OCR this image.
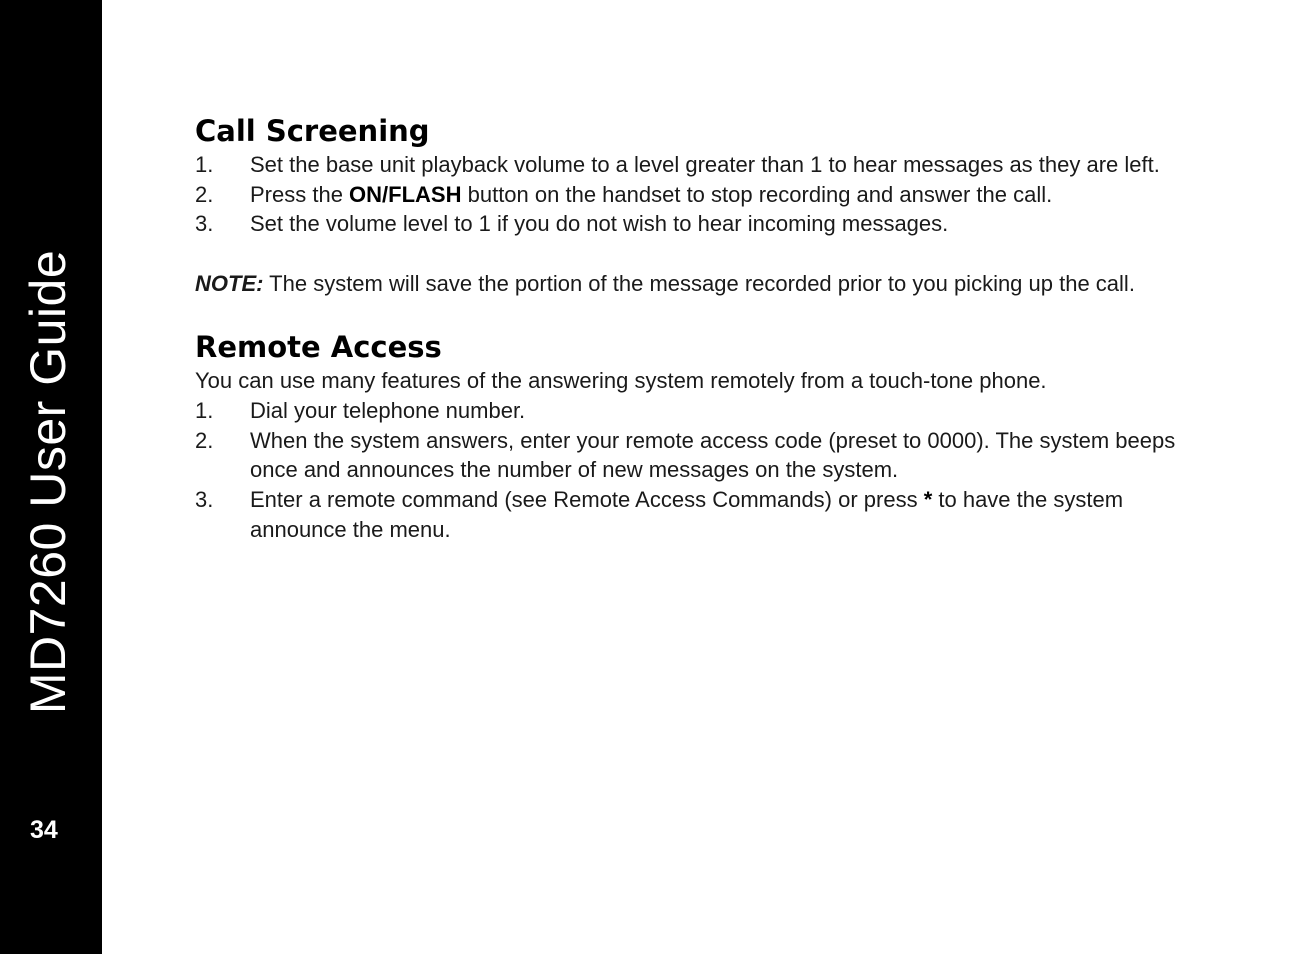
MD7260 User Guide
34
Call Screening
1.	Set the base unit playback volume to a level greater than 1 to hear messages as they are left.
2.	Press the ON/FLASH button on the handset to stop recording and answer the call.
3.	Set the volume level to 1 if you do not wish to hear incoming messages.

NOTE: The system will save the portion of the message recorded prior to you picking up the call.

Remote Access

You can use many features of the answering system remotely from a touch-tone phone.

1.	Dial your telephone number.
2.	When the system answers, enter your remote access code (preset to 0000). The system beeps once and announces the number of new messages on the system.
3.	Enter a remote command (see Remote Access Commands) or press * to have the system announce the menu.
